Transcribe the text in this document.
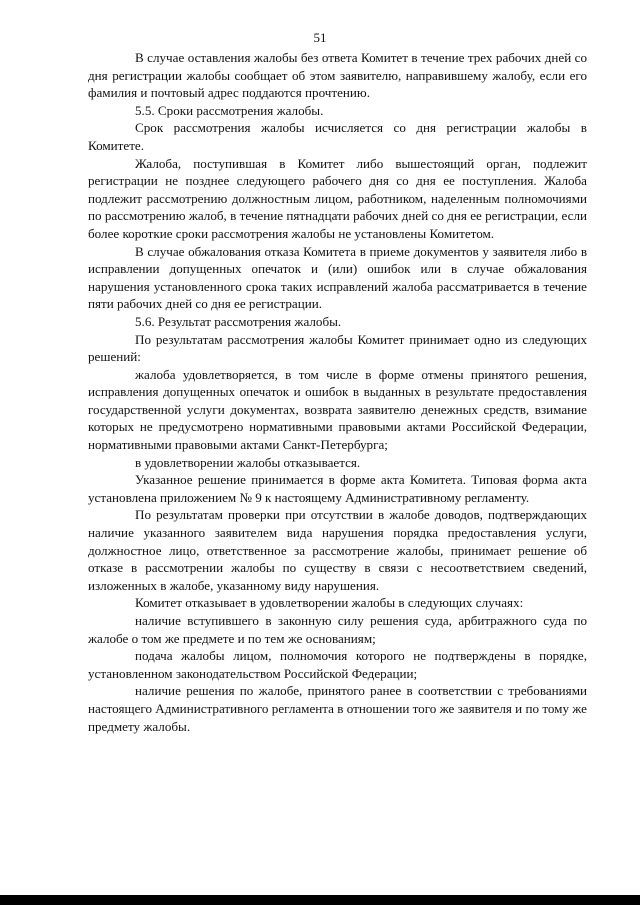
51

В случае оставления жалобы без ответа Комитет в течение трех рабочих дней со дня регистрации жалобы сообщает об этом заявителю, направившему жалобу, если его фамилия и почтовый адрес поддаются прочтению.

5.5. Сроки рассмотрения жалобы.

Срок рассмотрения жалобы исчисляется со дня регистрации жалобы в Комитете.

Жалоба, поступившая в Комитет либо вышестоящий орган, подлежит регистрации не позднее следующего рабочего дня со дня ее поступления. Жалоба подлежит рассмотрению должностным лицом, работником, наделенным полномочиями по рассмотрению жалоб, в течение пятнадцати рабочих дней со дня ее регистрации, если более короткие сроки рассмотрения жалобы не установлены Комитетом.

В случае обжалования отказа Комитета в приеме документов у заявителя либо в исправлении допущенных опечаток и (или) ошибок или в случае обжалования нарушения установленного срока таких исправлений жалоба рассматривается в течение пяти рабочих дней со дня ее регистрации.

5.6. Результат рассмотрения жалобы.

По результатам рассмотрения жалобы Комитет принимает одно из следующих решений:

жалоба удовлетворяется, в том числе в форме отмены принятого решения, исправления допущенных опечаток и ошибок в выданных в результате предоставления государственной услуги документах, возврата заявителю денежных средств, взимание которых не предусмотрено нормативными правовыми актами Российской Федерации, нормативными правовыми актами Санкт-Петербурга;

в удовлетворении жалобы отказывается.

Указанное решение принимается в форме акта Комитета. Типовая форма акта установлена приложением № 9 к настоящему Административному регламенту.

По результатам проверки при отсутствии в жалобе доводов, подтверждающих наличие указанного заявителем вида нарушения порядка предоставления услуги, должностное лицо, ответственное за рассмотрение жалобы, принимает решение об отказе в рассмотрении жалобы по существу в связи с несоответствием сведений, изложенных в жалобе, указанному виду нарушения.

Комитет отказывает в удовлетворении жалобы в следующих случаях:

наличие вступившего в законную силу решения суда, арбитражного суда по жалобе о том же предмете и по тем же основаниям;

подача жалобы лицом, полномочия которого не подтверждены в порядке, установленном законодательством Российской Федерации;

наличие решения по жалобе, принятого ранее в соответствии с требованиями настоящего Административного регламента в отношении того же заявителя и по тому же предмету жалобы.
